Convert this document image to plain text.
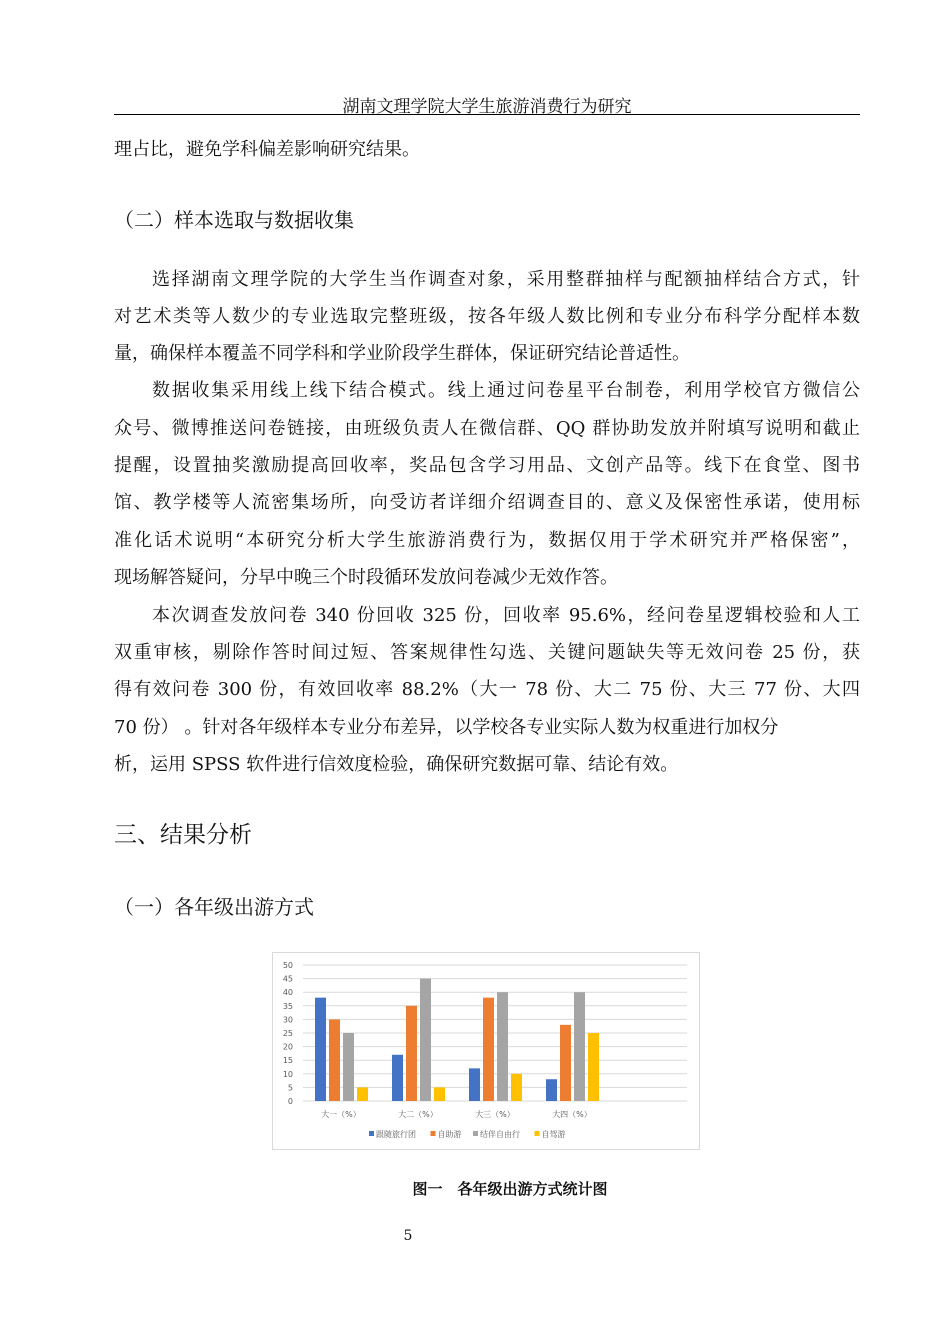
湖南文理学院大学生旅游消费行为研究
理占比，避免学科偏差影响研究结果。
（二）样本选取与数据收集
选择湖南文理学院的大学生当作调查对象，采用整群抽样与配额抽样结合方式，针
对艺术类等人数少的专业选取完整班级，按各年级人数比例和专业分布科学分配样本数
量，确保样本覆盖不同学科和学业阶段学生群体，保证研究结论普适性。
数据收集采用线上线下结合模式。线上通过问卷星平台制卷，利用学校官方微信公
众号、微博推送问卷链接，由班级负责人在微信群、QQ 群协助发放并附填写说明和截止
提醒，设置抽奖激励提高回收率，奖品包含学习用品、文创产品等。线下在食堂、图书
馆、教学楼等人流密集场所，向受访者详细介绍调查目的、意义及保密性承诺，使用标
准化话术说明“本研究分析大学生旅游消费行为，数据仅用于学术研究并严格保密”，
现场解答疑问，分早中晚三个时段循环发放问卷减少无效作答。
本次调查发放问卷 340 份回收 325 份，回收率 95.6%，经问卷星逻辑校验和人工
双重审核，剔除作答时间过短、答案规律性勾选、关键问题缺失等无效问卷 25 份，获
得有效问卷 300 份，有效回收率 88.2%（大一 78 份、大二 75 份、大三 77 份、大四
70 份） 。针对各年级样本专业分布差异，以学校各专业实际人数为权重进行加权分
析，运用 SPSS 软件进行信效度检验，确保研究数据可靠、结论有效。
三、结果分析
（一）各年级出游方式
0
5
10
15
20
25
30
35
40
45
50
大一（%）	大二（%）	大三（%）	大四（%）
跟随旅行团	自助游 结伴自由行	自驾游
图一　各年级出游方式统计图
5
